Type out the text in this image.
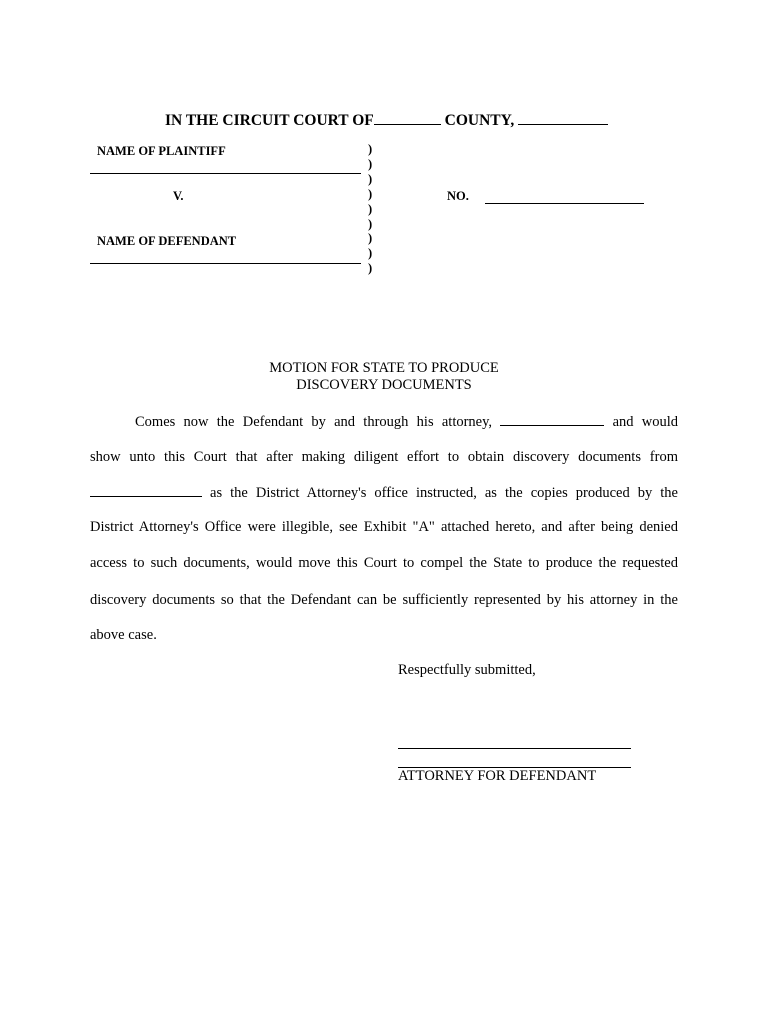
IN THE CIRCUIT COURT OF	COUNTY,
NAME OF PLAINTIFF
V.
NAME OF DEFENDANT
)
)
)
)
)
)
)
)
)
NO.
MOTION FOR STATE TO PRODUCE
DISCOVERY DOCUMENTS
Comes now the Defendant by and through his attorney,	and would
show unto this Court that after making diligent effort to obtain discovery documents from
as the District Attorney's office instructed, as the copies produced by the
District Attorney's Office were illegible, see Exhibit "A" attached hereto, and after being denied
access to such documents, would move this Court to compel the State to produce the requested
discovery documents so that the Defendant can be sufficiently represented by his attorney in the
above case.
Respectfully submitted,
ATTORNEY FOR DEFENDANT
